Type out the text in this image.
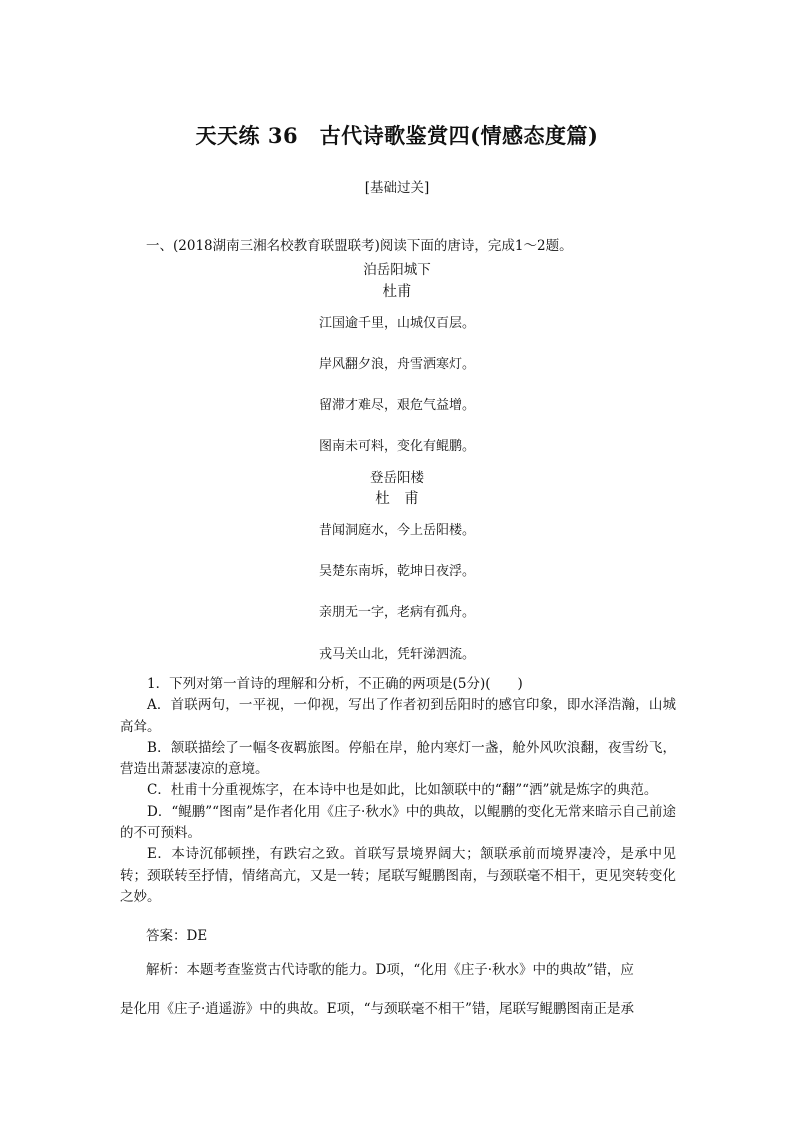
天天练 36　古代诗歌鉴赏四(情感态度篇)
[基础过关]
一、(2018湖南三湘名校教育联盟联考)阅读下面的唐诗，完成1～2题。
泊岳阳城下
杜甫
江国逾千里，山城仅百层。
岸风翻夕浪，舟雪洒寒灯。
留滞才难尽，艰危气益增。
图南未可料，变化有鲲鹏。
登岳阳楼
杜　甫
昔闻洞庭水，今上岳阳楼。
吴楚东南坼，乾坤日夜浮。
亲朋无一字，老病有孤舟。
戎马关山北，凭轩涕泗流。

1．下列对第一首诗的理解和分析，不正确的两项是(5分)(　　)

A．首联两句，一平视，一仰视，写出了作者初到岳阳时的感官印象，即水泽浩瀚，山城高耸。

B．颔联描绘了一幅冬夜羁旅图。停船在岸，舱内寒灯一盏，舱外风吹浪翻，夜雪纷飞，营造出萧瑟凄凉的意境。

C．杜甫十分重视炼字，在本诗中也是如此，比如颔联中的“翻”“洒”就是炼字的典范。

D．“鲲鹏”“图南”是作者化用《庄子·秋水》中的典故，以鲲鹏的变化无常来暗示自己前途的不可预料。

E．本诗沉郁顿挫，有跌宕之致。首联写景境界阔大；颔联承前而境界凄冷，是承中见转；颈联转至抒情，情绪高亢，又是一转；尾联写鲲鹏图南，与颈联毫不相干，更见突转变化之妙。

答案：DE
解析：本题考查鉴赏古代诗歌的能力。D项，“化用《庄子·秋水》中的典故”错，应
是化用《庄子·逍遥游》中的典故。E项，“与颈联毫不相干”错，尾联写鲲鹏图南正是承
